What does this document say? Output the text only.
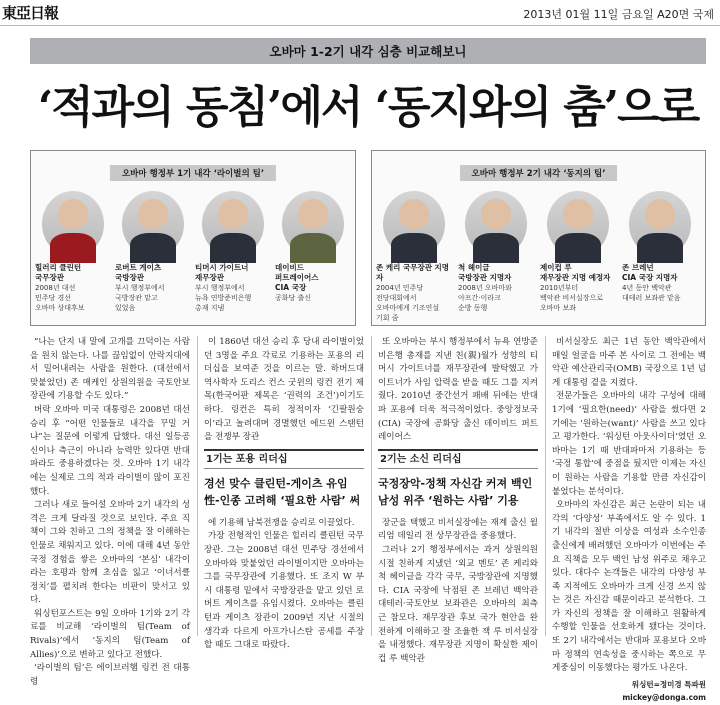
東亞日報	2013년 01월 11일 금요일 A20면 국제
오바마 1-2기 내각 심층 비교해보니
‘적과의 동침’에서 ‘동지와의 춤’으로
오바마 행정부 1기 내각 ‘라이벌의 팀’
힐러리 클린턴
국무장관
2008년 대선
민주당 경선
오바마 상대후보
로버트 게이츠
국방장관
부시 행정부에서
국방장관 맡고
있었음
티머시 가이트너
재무장관
부시 행정부에서
뉴욕 연방준비은행
총재 지냄
데이비드
퍼트레이어스
CIA 국장
공화당 출신
오바마 행정부 2기 내각 ‘동지의 팀’
존 케리 국무장관 지명자
2004년 민주당
전당대회에서
오바마에게 기조연설
기회 줌
척 헤이글
국방장관 지명자
2008년 오바마와
아프간·이라크
순방 동행
제이컵 루
재무장관 지명 예정자
2010년부터
백악관 비서실장으로
오바마 보좌
존 브레넌
CIA 국장 지명자
4년 동안 백악관
대테러 보좌관 맡음

“나는 단지 내 말에 고개를 끄덕이는 사람을 원치 않는다. 나를 끊임없이 안락지대에서 밀어내려는 사람을 원한다. (대선에서 맞붙었던) 존 매케인 상원의원을 국토안보장관에 기용할 수도 있다.”

버락 오바마 미국 대통령은 2008년 대선 승리 후 “어떤 인물들로 내각을 꾸밀 거냐”는 질문에 이렇게 답했다. 대선 일등공신이나 측근이 아니라 능력만 있다면 반대파라도 중용하겠다는 것. 오바마 1기 내각에는 실제로 그의 적과 라이벌이 많이 포진했다.

그러나 새로 들어설 오바마 2기 내각의 성격은 크게 달라질 것으로 보인다. 주요 직책이 그와 친하고 그의 정책을 잘 이해하는 인물로 채워지고 있다. 이에 대해 4년 동안 국정 경험을 쌓은 오바마의 ‘본심’ 내각이라는 호평과 함께 초심을 잃고 ‘이너서클 정치’를 펼치려 한다는 비판이 맞서고 있다.

워싱턴포스트는 9일 오바마 1기와 2기 각료를 비교해 ‘라이벌의 팀(Team of Rivals)’에서 ‘동지의 팀(Team of Allies)’으로 변하고 있다고 전했다.

‘라이벌의 팀’은 에이브러햄 링컨 전 대통령

이 1860년 대선 승리 후 당내 라이벌이었던 3명을 주요 각료로 기용하는 포용의 리더십을 보여준 것을 이르는 말. 하버드대 역사학자 도리스 컨스 굿윈의 링컨 전기 제목(한국어판 제목은 ‘권력의 조건’)이기도 하다. 링컨은 특히 정적이자 ‘긴팔원숭이’라고 놀려대며 경멸했던 에드윈 스탠턴을 전쟁부 장관

1기는 포용 리더십
경선 맞수 클린턴-게이츠 유임 性-인종 고려해 ‘필요한 사람’ 써

에 기용해 남북전쟁을 승리로 이끌었다.

가장 전형적인 인물은 힐러리 클린턴 국무장관. 그는 2008년 대선 민주당 경선에서 오바마와 맞붙었던 라이벌이지만 오바마는 그를 국무장관에 기용했다. 또 조지 W 부시 대통령 밑에서 국방장관을 맡고 있던 로버트 게이츠를 유임시켰다. 오바마는 클린턴과 게이츠 장관이 2009년 지난 시절의 생각과 다르게 아프가니스탄 공세를 주장할 때도 그대로 따랐다.

또 오바마는 부시 행정부에서 뉴욕 연방준비은행 총재를 지낸 친(親)월가 성향의 티머시 가이트너를 재무장관에 발탁했고 가이트너가 사임 압력을 받을 때도 그를 지켜줬다. 2010년 중간선거 패배 뒤에는 반대파 포용에 더욱 적극적이었다. 중앙정보국(CIA) 국장에 공화당 출신 데이비드 퍼트레이어스

2기는 소신 리더십
국정장악-정책 자신감 커져 백인 남성 위주 ‘원하는 사람’ 기용

장군을 택했고 비서실장에는 재계 출신 윌리엄 데일리 전 상무장관을 중용했다.

그러나 2기 행정부에서는 과거 상원의원 시절 친하게 지냈던 ‘외교 멘토’ 존 케리와 척 헤이글을 각각 국무, 국방장관에 지명했다. CIA 국장에 낙점된 존 브레넌 백악관 대테러·국토안보 보좌관은 오바마의 최측근 참모다. 재무장관 후보 국가 현안을 완전하게 이해하고 잘 조율한 잭 루 비서실장을 내정했다. 재무장관 지명이 확실한 제이컵 루 백악관

비서실장도 최근 1년 동안 백악관에서 매일 얼굴을 마주 본 사이로 그 전에는 백악관 예산관리국(OMB) 국장으로 1년 넘게 대통령 곁을 지켰다.

전문가들은 오바마의 내각 구성에 대해 1기에 ‘필요한(need)’ 사람을 썼다면 2기에는 ‘원하는(want)’ 사람을 쓰고 있다고 평가한다. ‘워싱턴 아웃사이더’였던 오바마는 1기 때 반대파마저 기용하는 등 ‘국정 통합’에 중점을 뒀지만 이제는 자신이 원하는 사람을 기용할 만큼 자신감이 붙었다는 분석이다.

오바마의 자신감은 최근 논란이 되는 내각의 ‘다양성’ 부족에서도 알 수 있다. 1기 내각의 절반 이상을 여성과 소수인종 출신에게 배려했던 오바마가 이번에는 주요 직책을 모두 백인 남성 위주로 채우고 있다. 대다수 논객들은 내각의 다양성 부족 지적에도 오바마가 크게 신경 쓰지 않는 것은 자신감 때문이라고 분석한다. 그가 자신의 정책을 잘 이해하고 원활하게 수행할 인물을 선호하게 됐다는 것이다. 또 2기 내각에서는 반대파 포용보다 오바마 정책의 연속성을 중시하는 쪽으로 무게중심이 이동했다는 평가도 나온다.

워싱턴=정미경 특파원 mickey@donga.com
